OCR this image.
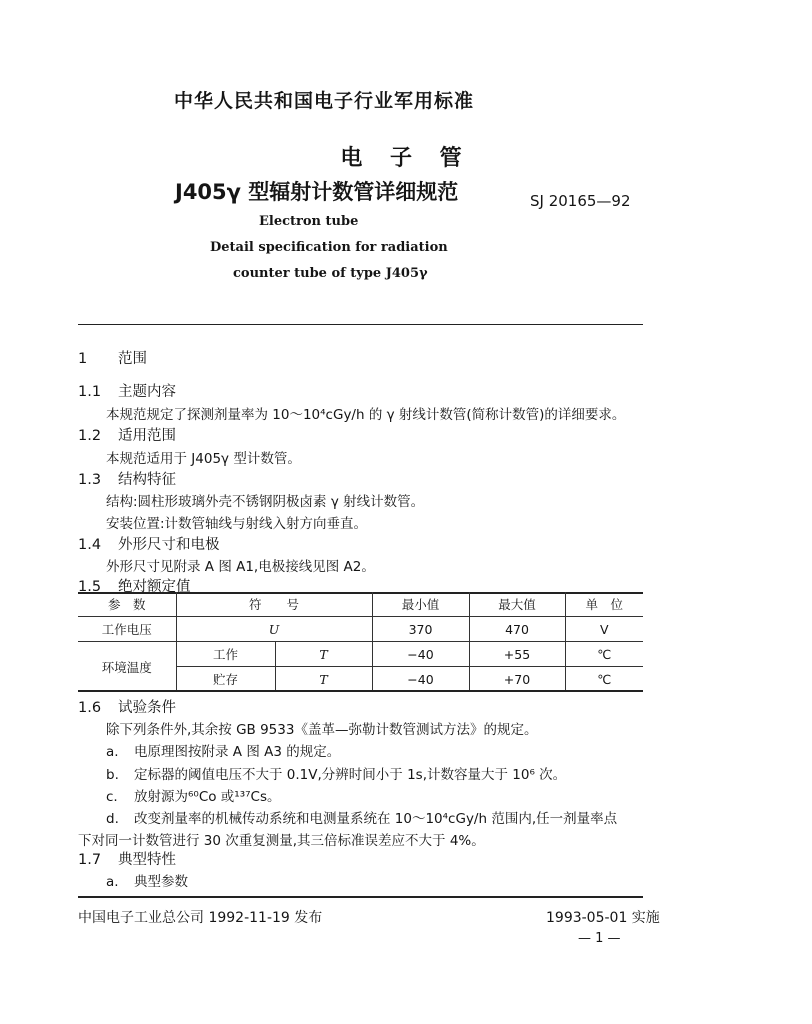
中华人民共和国电子行业军用标准
电 子 管
J405γ 型辐射计数管详细规范	SJ 20165—92
Electron tube
Detail specification for radiation
counter tube of type J405γ
1 范围
1.1 主题内容
本规范规定了探测剂量率为 10～10⁴cGy/h 的 γ 射线计数管(简称计数管)的详细要求。
1.2 适用范围
本规范适用于 J405γ 型计数管。
1.3 结构特征
结构:圆柱形玻璃外壳不锈钢阴极卤素 γ 射线计数管。
安装位置:计数管轴线与射线入射方向垂直。
1.4 外形尺寸和电极
外形尺寸见附录 A 图 A1,电极接线见图 A2。
1.5 绝对额定值
参　数	符　　号		最小值	最大值	单　位
工作电压	U		370	470	V
环境温度	工作	T	−40	+55	℃
	贮存	T	−40	+70	℃
1.6 试验条件
除下列条件外,其余按 GB 9533《盖革—弥勒计数管测试方法》的规定。
a. 电原理图按附录 A 图 A3 的规定。
b. 定标器的阈值电压不大于 0.1V,分辨时间小于 1s,计数容量大于 10⁶ 次。
c. 放射源为⁶⁰Co 或¹³⁷Cs。
d. 改变剂量率的机械传动系统和电测量系统在 10～10⁴cGy/h 范围内,任一剂量率点
下对同一计数管进行 30 次重复测量,其三倍标准误差应不大于 4%。
1.7 典型特性
a. 典型参数
中国电子工业总公司 1992-11-19 发布	1993-05-01 实施
— 1 —
